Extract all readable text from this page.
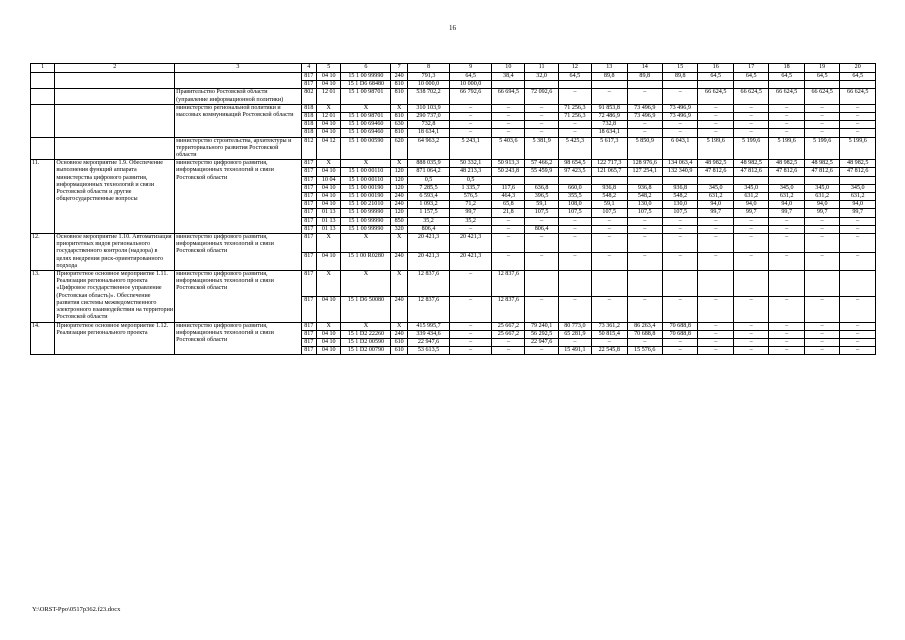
16
1	2	3	4	5	6	7	8	9	10	11	12	13	14	15	16	17	18	19	20
			817	04 10	15 1 00 99990	240	791,3	64,5	38,4	32,0	64,5	89,8	89,8	89,8	64,5	64,5	64,5	64,5	64,5
			817	04 10	15 1 D6 68480	810	10 000,0	10 000,0											
		Правительство Ростовской области (управление информационной политики)	802	12 01	15 1 00 98701	810	538 702,2	66 792,6	66 694,5	72 092,6	–	–	–	–	66 624,5	66 624,5	66 624,5	66 624,5	66 624,5
		министерство региональной политики и массовых коммуникаций Ростовской области	818	X	X	X	310 103,9	–	–	–	71 256,3	91 853,8	73 496,9	73 496,9	–	–	–	–	–
			818	12 01	15 1 00 98701	810	290 737,0	–	–	–	71 256,3	72 486,9	73 496,9	73 496,9	–	–	–	–	–
			818	04 10	15 1 00 69460	630	732,8	–	–	–	–	732,8	–	–	–	–	–	–	–
			818	04 10	15 1 00 69460	810	18 634,1	–	–	–	–	18 634,1	–	–	–	–	–	–	–
		министерство строительства, архитектуры и территориального развития Ростовской области	812	04 12	15 1 00 00590	620	64 963,2	5 243,1	5 403,6	5 381,9	5 425,3	5 617,3	5 850,9	6 043,1	5 199,6	5 199,6	5 199,6	5 199,6	5 199,6
11.	Основное мероприятие 1.9. Обеспечение выполнения функций аппарата министерства цифрового развития, информационных технологий и связи Ростовской области и другие общегосударственные вопросы	министерство цифрового развития, информационных технологий и связи Ростовской области	817	X	X	X	888 035,9	50 332,1	50 913,3	57 466,2	98 654,5	122 717,3	128 976,6	134 063,4	48 982,5	48 982,5	48 982,5	48 982,5	48 982,5
			817	04 10	15 1 00 00110	120	871 064,2	48 213,3	50 243,8	55 459,9	97 423,5	121 065,7	127 254,1	132 340,9	47 812,6	47 812,6	47 812,6	47 812,6	47 812,6
			817	10 04	15 1 00 00110	120	0,5	0,5											
			817	04 10	15 1 00 00190	120	7 285,5	1 335,7	117,6	636,8	660,0	936,8	936,8	936,8	345,0	345,0	345,0	345,0	345,0
			817	04 10	15 1 00 00190	240	6 593,4	576,5	464,3	396,5	355,5	548,2	548,2	548,2	631,2	631,2	631,2	631,2	631,2
			817	04 10	15 1 00 21010	240	1 093,2	71,2	65,8	59,1	108,0	59,1	130,0	130,0	94,0	94,0	94,0	94,0	94,0
			817	01 13	15 1 00 99990	120	1 157,5	99,7	21,8	107,5	107,5	107,5	107,5	107,5	99,7	99,7	99,7	99,7	99,7
			817	01 13	15 1 00 99990	850	35,2	35,2	–	–	–	–	–	–	–	–	–	–	–
			817	01 13	15 1 00 99990	320	806,4	–	–	806,4	–	–	–	–	–	–	–	–	–
12.	Основное мероприятие 1.10. Автоматизация приоритетных видов регионального государственного контроля (надзора) в целях внедрения риск-ориентированного подхода	министерство цифрового развития, информационных технологий и связи Ростовской области	817	X	X	X	20 421,3	20 421,3	–	–	–	–	–	–	–	–	–	–	–
			817	04 10	15 1 00 R0280	240	20 421,3	20 421,3	–	–	–	–	–	–	–	–	–	–	–
13.	Приоритетное основное мероприятие 1.11. Реализация регионального проекта «Цифровое государственное управление (Ростовская область)». Обеспечение развития системы межведомственного электронного взаимодействия на территории Ростовской области	министерство цифрового развития, информационных технологий и связи Ростовской области	817	X	X	X	12 837,6	–	12 837,6										
			817	04 10	15 1 D6 50080	240	12 837,6	–	12 837,6	–	–	–	–	–	–	–	–	–	–
14.	Приоритетное основное мероприятие 1.12. Реализация регионального проекта	министерство цифрового развития, информационных технологий и связи Ростовской области	817	X	X	X	415 995,7	–	25 667,2	79 240,1	80 773,0	73 361,2	86 263,4	70 688,8	–	–	–	–	–
			817	04 10	15 1 D2 22260	240	339 434,6	–	25 667,2	56 292,5	65 281,9	50 815,4	70 688,8	70 688,8	–	–	–	–	–
			817	04 10	15 1 D2 00590	610	22 947,6	–	–	22 947,6	–	–	–	–	–	–	–	–	–
			817	04 10	15 1 D2 00790	610	53 613,5	–	–	–	15 491,1	22 545,8	15 576,6	–	–	–	–	–	–
Y:\ORST-Ppo\0517p362.f23.docx
